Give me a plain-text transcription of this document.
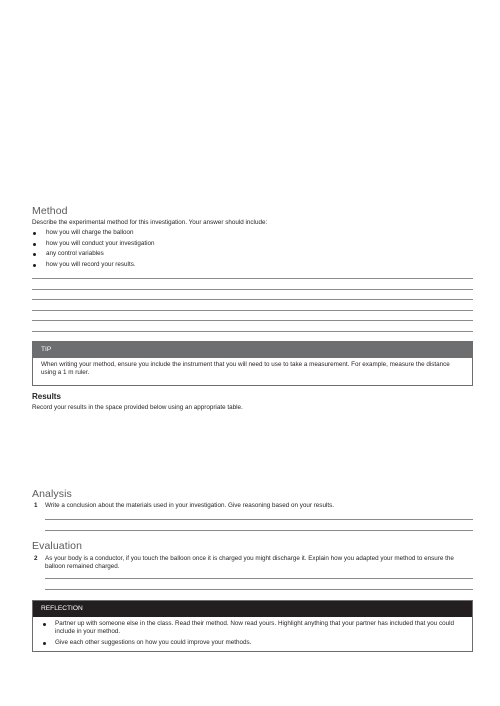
Method
Describe the experimental method for this investigation. Your answer should include:
how you will charge the balloon
how you will conduct your investigation
any control variables
how you will record your results.
TIP
When writing your method, ensure you include the instrument that you will need to use to take a measurement. For example, measure the distance using a 1 m ruler.
Results
Record your results in the space provided below using an appropriate table.
Analysis
1 Write a conclusion about the materials used in your investigation. Give reasoning based on your results.
Evaluation
2 As your body is a conductor, if you touch the balloon once it is charged you might discharge it. Explain how you adapted your method to ensure the balloon remained charged.
REFLECTION
Partner up with someone else in the class. Read their method. Now read yours. Highlight anything that your partner has included that you could include in your method.
Give each other suggestions on how you could improve your methods.
